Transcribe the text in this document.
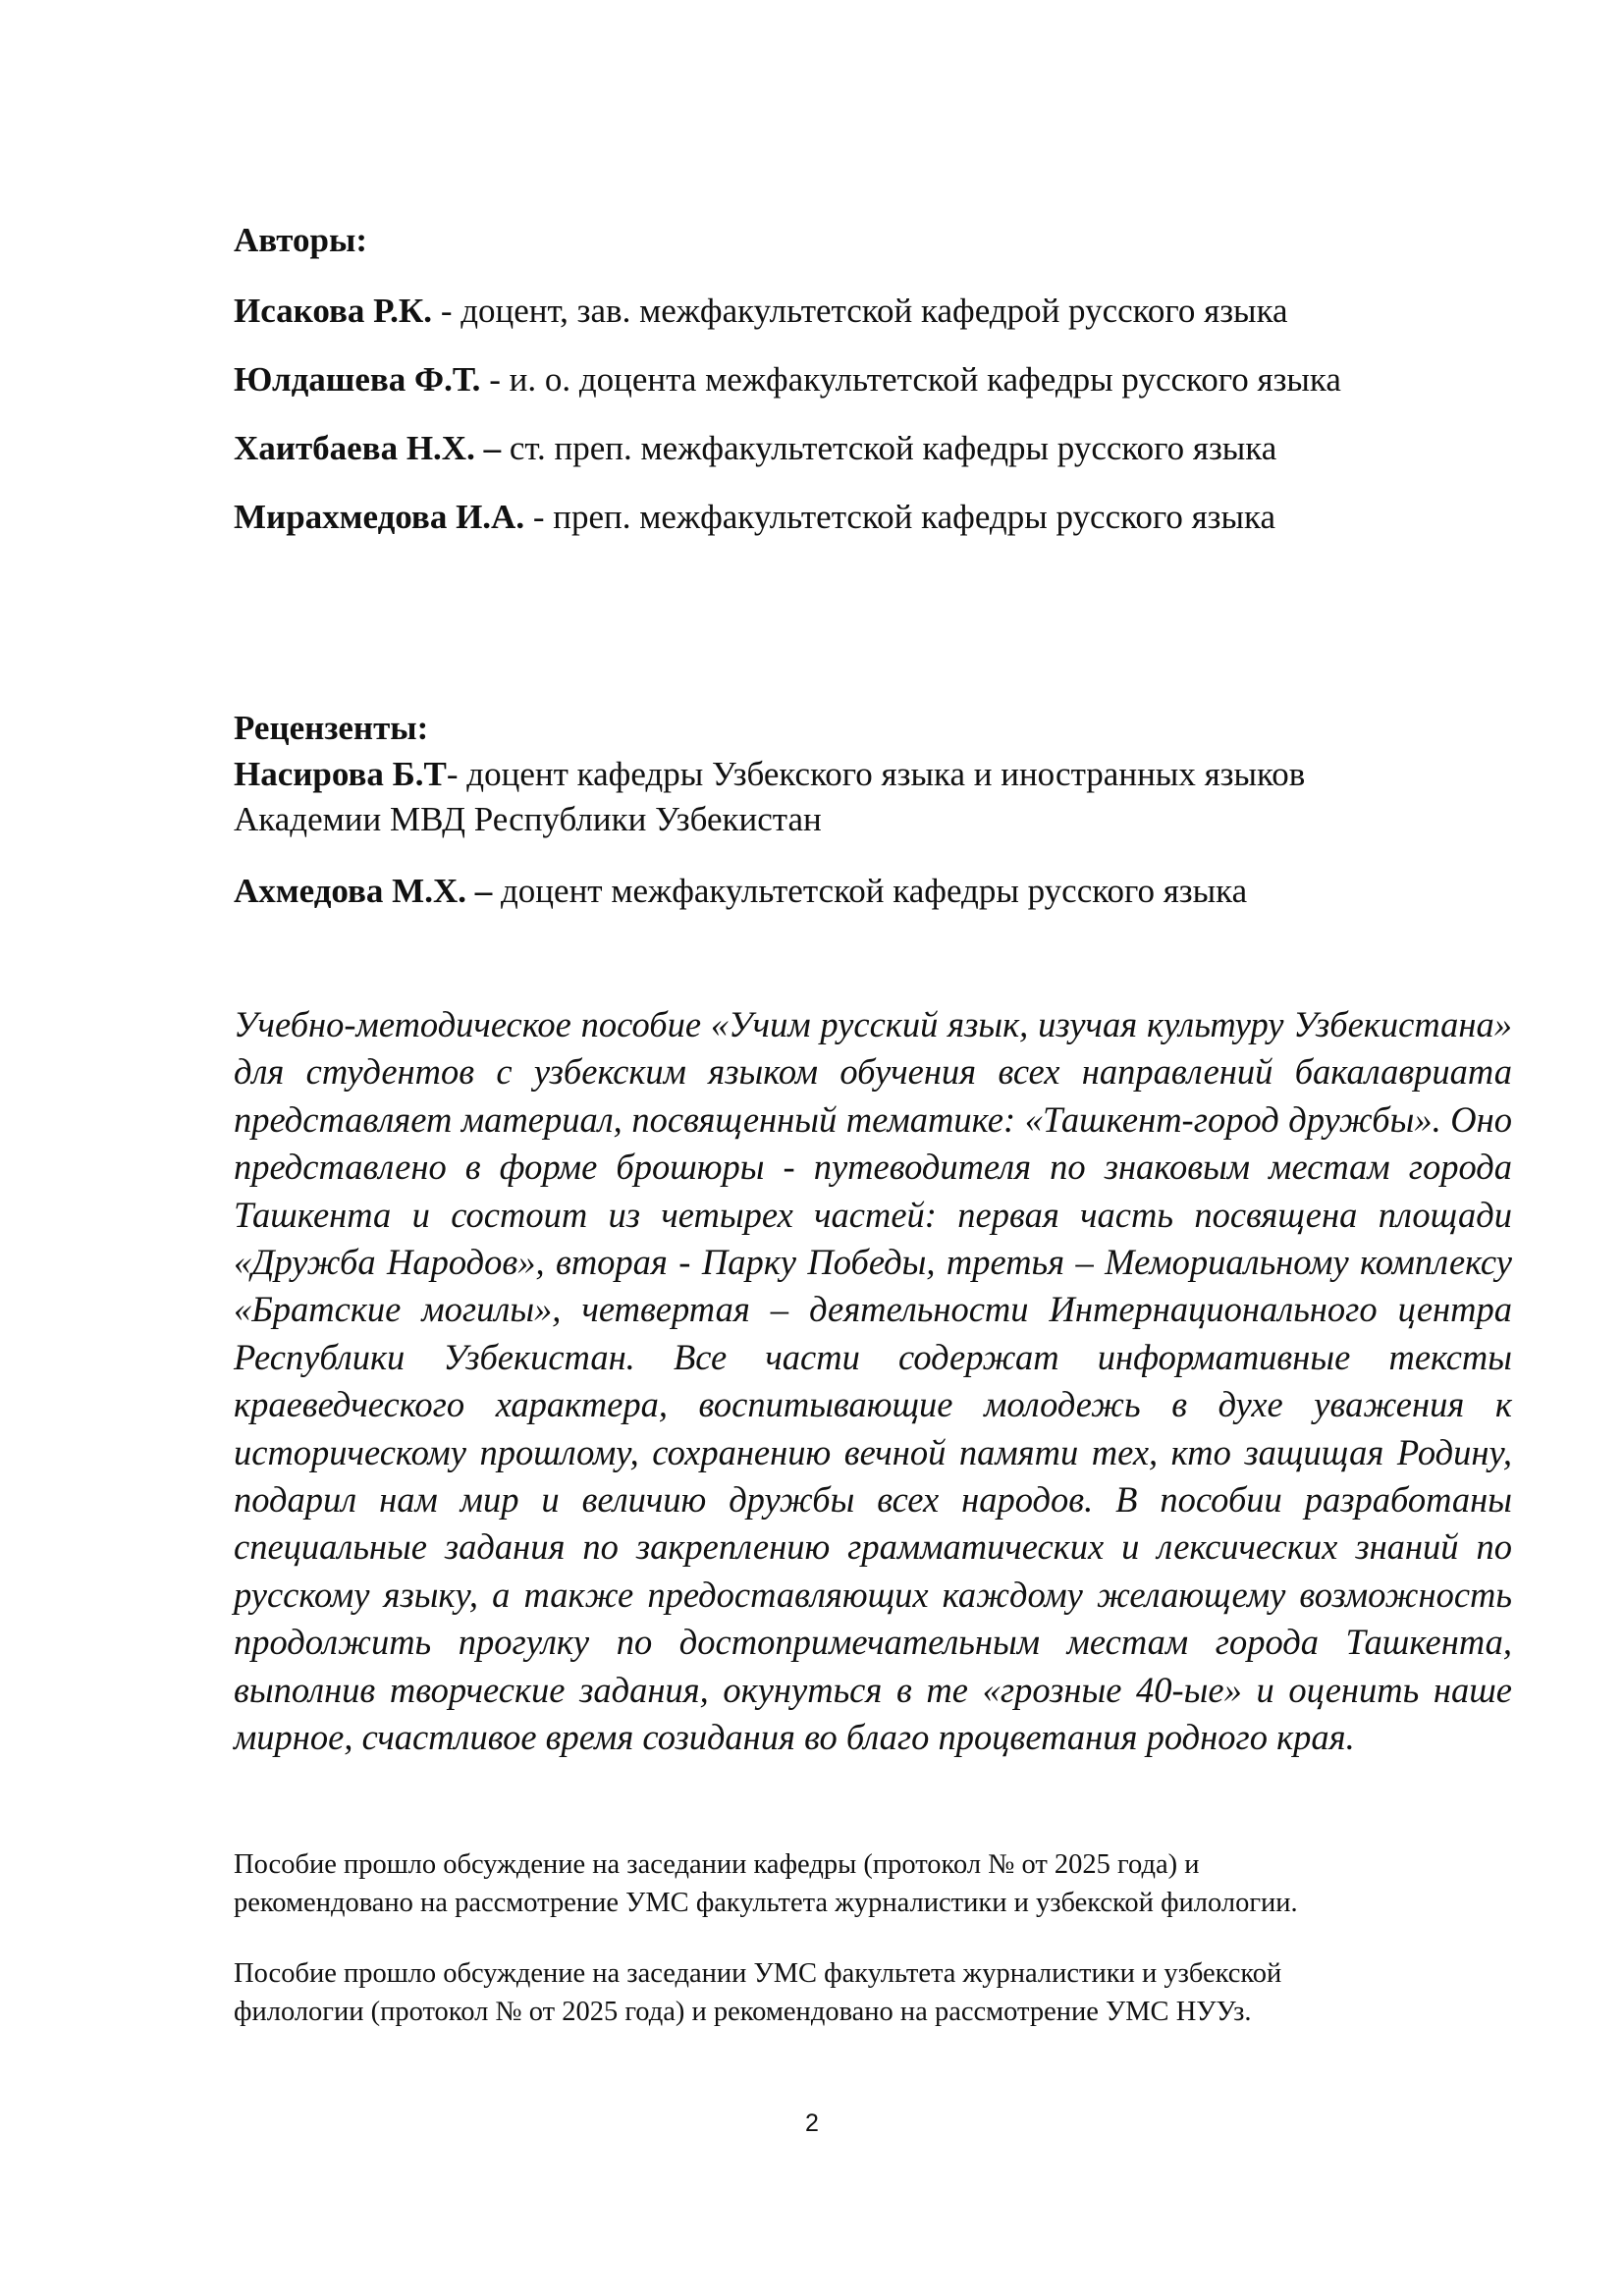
Авторы:
Исакова Р.К. - доцент, зав. межфакультетской кафедрой русского языка
Юлдашева Ф.Т. - и. о. доцента межфакультетской кафедры русского языка
Хаитбаева Н.Х. – ст. преп. межфакультетской кафедры русского языка
Мирахмедова И.А. - преп. межфакультетской кафедры русского языка
Рецензенты:
Насирова Б.Т- доцент кафедры Узбекского языка и иностранных языков
Академии МВД Республики Узбекистан
Ахмедова М.Х. – доцент межфакультетской кафедры русского языка
Учебно-методическое пособие «Учим русский язык, изучая культуру Узбекистана» для студентов с узбекским языком обучения всех направлений бакалавриата представляет материал, посвященный тематике: «Ташкент-город дружбы». Оно представлено в форме брошюры - путеводителя по знаковым местам города Ташкента и состоит из четырех частей: первая часть посвящена площади «Дружба Народов», вторая - Парку Победы, третья – Мемориальному комплексу «Братские могилы», четвертая – деятельности Интернационального центра Республики Узбекистан. Все части содержат информативные тексты краеведческого характера, воспитывающие молодежь в духе уважения к историческому прошлому, сохранению вечной памяти тех, кто защищая Родину, подарил нам мир и величию дружбы всех народов. В пособии разработаны специальные задания по закреплению грамматических и лексических знаний по русскому языку, а также предоставляющих каждому желающему возможность продолжить прогулку по достопримечательным местам города Ташкента, выполнив творческие задания, окунуться в те «грозные 40-ые» и оценить наше мирное, счастливое время созидания во благо процветания родного края.
Пособие прошло обсуждение на заседании кафедры (протокол № от 2025 года) и
рекомендовано на рассмотрение УМС факультета журналистики и узбекской филологии.
Пособие прошло обсуждение на заседании УМС факультета журналистики и узбекской
филологии (протокол № от 2025 года) и рекомендовано на рассмотрение УМС НУУз.
2
